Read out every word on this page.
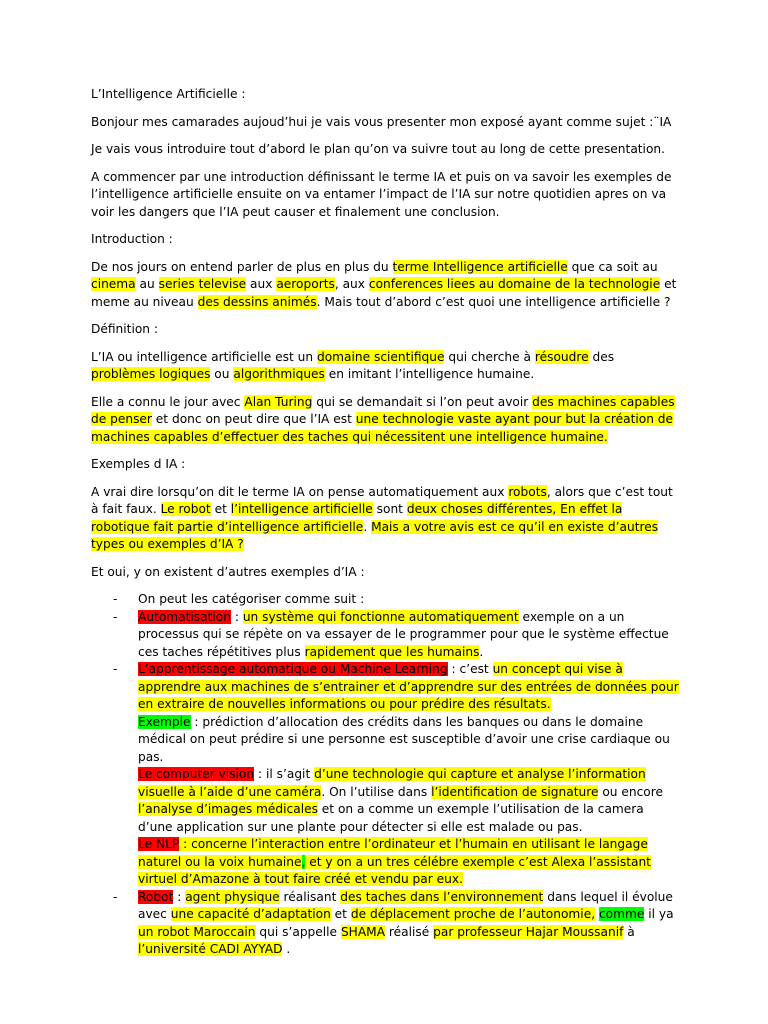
L’Intelligence Artificielle :

Bonjour mes camarades aujoud’hui je vais vous presenter mon exposé ayant comme sujet :¨IA

Je vais vous introduire tout d’abord le plan qu’on va suivre tout au long de cette presentation.

A commencer par une introduction définissant le terme IA et puis on va savoir les exemples de l’intelligence artificielle ensuite on va entamer l’impact de l’IA sur notre quotidien apres on va voir les dangers que l’IA peut causer et finalement une conclusion.

Introduction :

De nos jours on entend parler de plus en plus du terme Intelligence artificielle que ca soit au cinema au series televise aux aeroports, aux conferences liees au domaine de la technologie et meme au niveau des dessins animés. Mais tout d’abord c’est quoi une intelligence artificielle ?

Définition :

L’IA ou intelligence artificielle est un domaine scientifique qui cherche à résoudre des problèmes logiques ou algorithmiques en imitant l’intelligence humaine.

Elle a connu le jour avec Alan Turing qui se demandait si l’on peut avoir des machines capables de penser et donc on peut dire que l’IA est une technologie vaste ayant pour but la création de machines capables d’effectuer des taches qui nécessitent une intelligence humaine.

Exemples d IA :

A vrai dire lorsqu’on dit le terme IA on pense automatiquement aux robots, alors que c’est tout à fait faux. Le robot et l’intelligence artificielle sont deux choses différentes, En effet la robotique fait partie d’intelligence artificielle. Mais a votre avis est ce qu’il en existe d’autres types ou exemples d’IA ?

Et oui, y on existent d’autres exemples d’IA :

- On peut les catégoriser comme suit :
- Automatisation : un système qui fonctionne automatiquement exemple on a un processus qui se répète on va essayer de le programmer pour que le système effectue ces taches répétitives plus rapidement que les humains.
- L’apprentissage automatique ou Machine Learning : c’est un concept qui vise à apprendre aux machines de s’entrainer et d’apprendre sur des entrées de données pour en extraire de nouvelles informations ou pour prédire des résultats.
Exemple : prédiction d’allocation des crédits dans les banques ou dans le domaine médical on peut prédire si une personne est susceptible d’avoir une crise cardiaque ou pas.
Le computer vision : il s’agit d’une technologie qui capture et analyse l’information visuelle à l’aide d’une caméra. On l’utilise dans l’identification de signature ou encore l’analyse d’images médicales et on a comme un exemple l’utilisation de la camera d’une application sur une plante pour détecter si elle est malade ou pas.
Le NLP : concerne l’interaction entre l’ordinateur et l’humain en utilisant le langage naturel ou la voix humaine, et y on a un tres célébre exemple c’est Alexa l’assistant virtuel d’Amazone à tout faire créé et vendu par eux.
- Robot : agent physique réalisant des taches dans l’environnement dans lequel il évolue avec une capacité d’adaptation et de déplacement proche de l’autonomie, comme il ya un robot Maroccain qui s’appelle SHAMA réalisé par professeur Hajar Moussanif à l’université CADI AYYAD .
